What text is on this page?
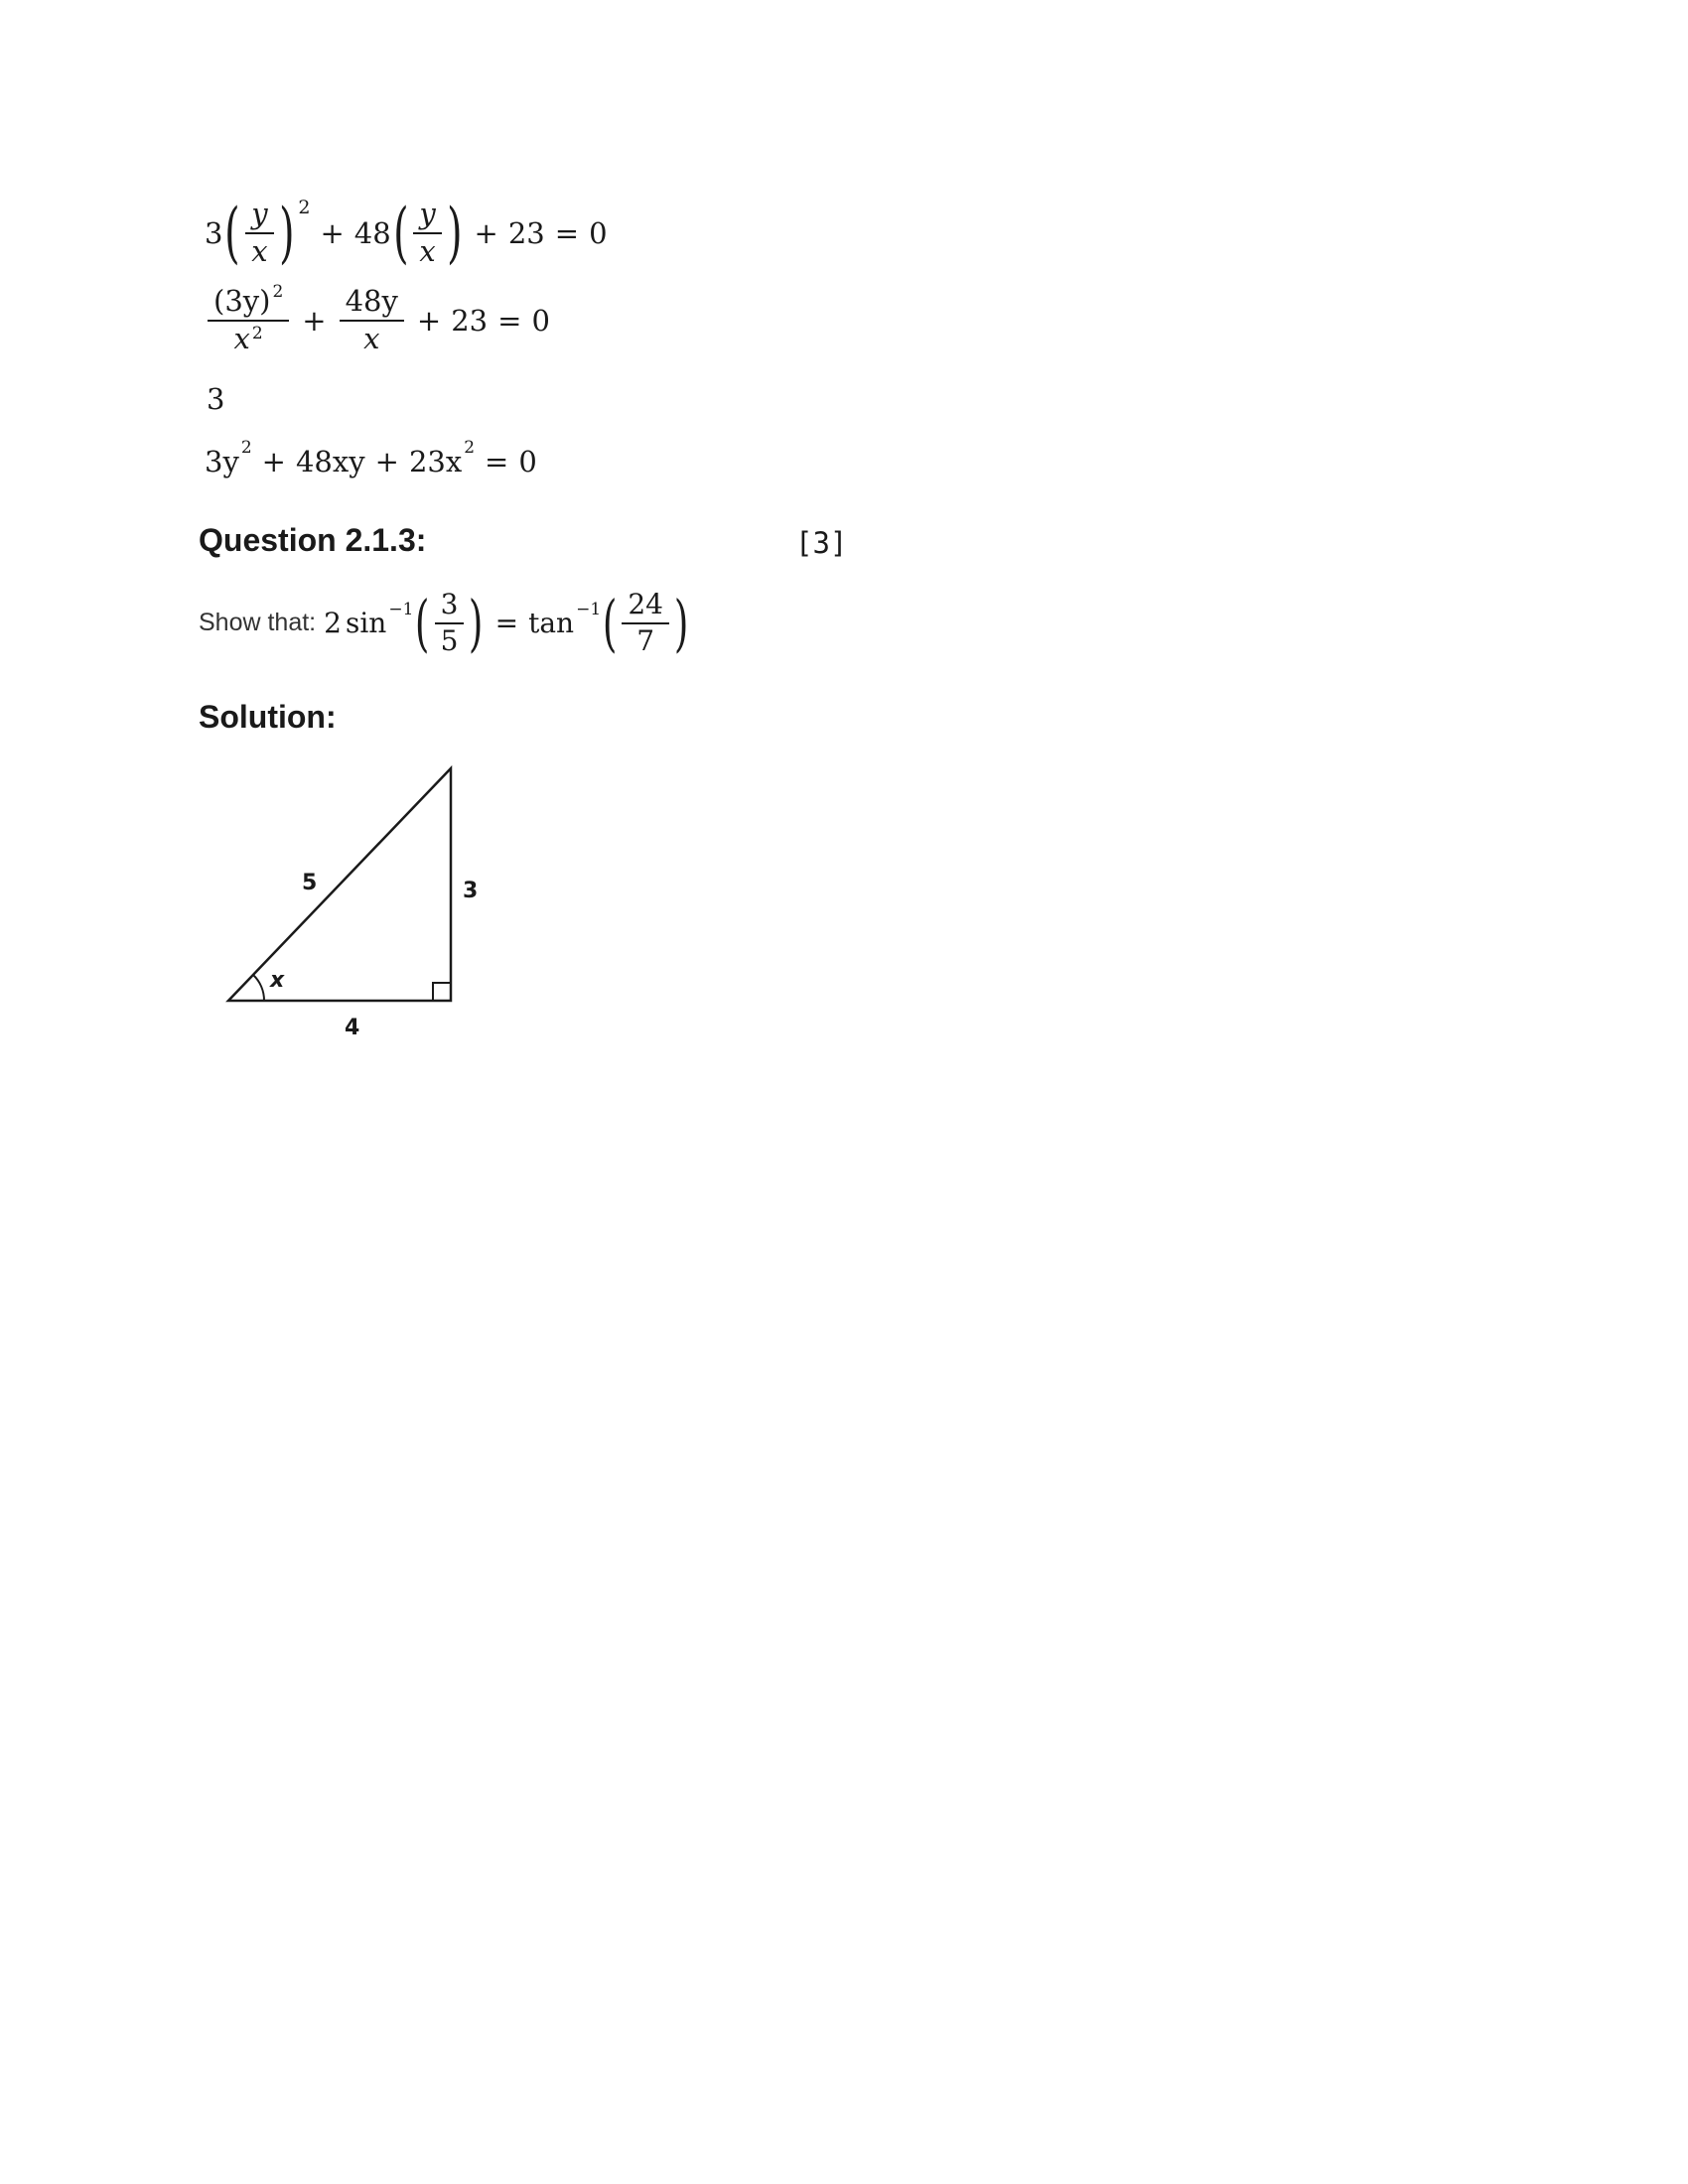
3 ( $\frac{y}{x}$ ) 2
+ 48 ( $\frac{y}{x}$ ) + 23 = 0
$\frac{(3y) ^2}{x ^2} + \frac{48y}{x} + 23 = 0$
3
3y 2 + 48xy + 23x 2 = 0
Question 2.1.3:	[3]
Show that: 2 sin −1 ( $\frac{3}{5}$ ) = tan −1 ( $\frac{24}{7}$ )
Solution:
5	3
4
x
